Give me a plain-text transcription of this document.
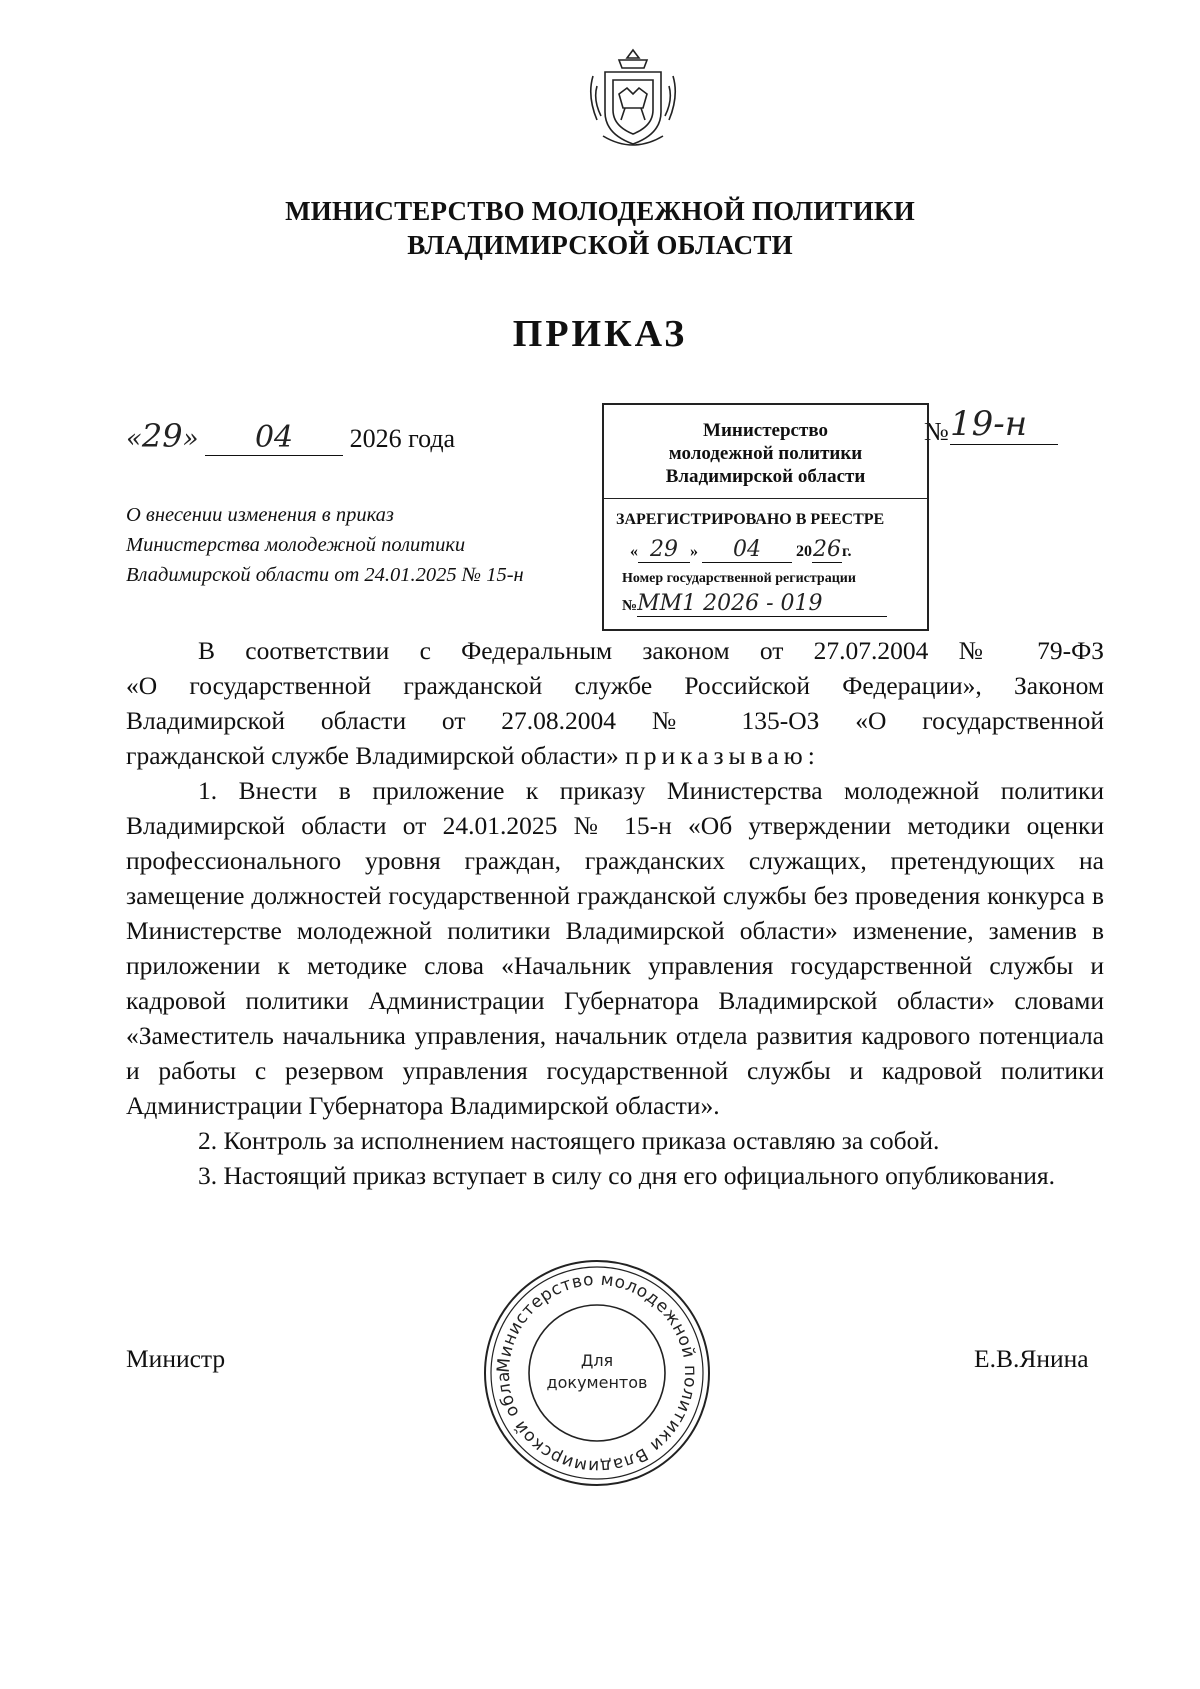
МИНИСТЕРСТВО МОЛОДЕЖНОЙ ПОЛИТИКИ
ВЛАДИМИРСКОЙ ОБЛАСТИ
ПРИКАЗ
«29» 04 2026 года	№ 19-н
О внесении изменения в приказ
Министерства молодежной политики
Владимирской области от 24.01.2025 № 15-н
Министерство
молодежной политики
Владимирской области
ЗАРЕГИСТРИРОВАНО В РЕЕСТРЕ
« 29 » 04 2026г.
Номер государственной регистрации
№ММ1 2026 - 019

В соответствии с Федеральным законом от 27.07.2004 № 79-ФЗ

«О государственной гражданской службе Российской Федерации», Законом

Владимирской области от 27.08.2004 № 135-ОЗ «О государственной

гражданской службе Владимирской области» приказываю:

1. Внести в приложение к приказу Министерства молодежной политики Владимирской области от 24.01.2025 № 15-н «Об утверждении методики оценки профессионального уровня граждан, гражданских служащих, претендующих на замещение должностей государственной гражданской службы без проведения конкурса в Министерстве молодежной политики Владимирской области» изменение, заменив в приложении к методике слова «Начальник управления государственной службы и кадровой политики Администрации Губернатора Владимирской области» словами «Заместитель начальника управления, начальник отдела развития кадрового потенциала и работы с резервом управления государственной службы и кадровой политики Администрации Губернатора Владимирской области».

2. Контроль за исполнением настоящего приказа оставляю за собой.

3. Настоящий приказ вступает в силу со дня его официального опубликования.

Министерство молодежной политики Владимирской обла
Для
документов
Министр	Е.В.Янина
